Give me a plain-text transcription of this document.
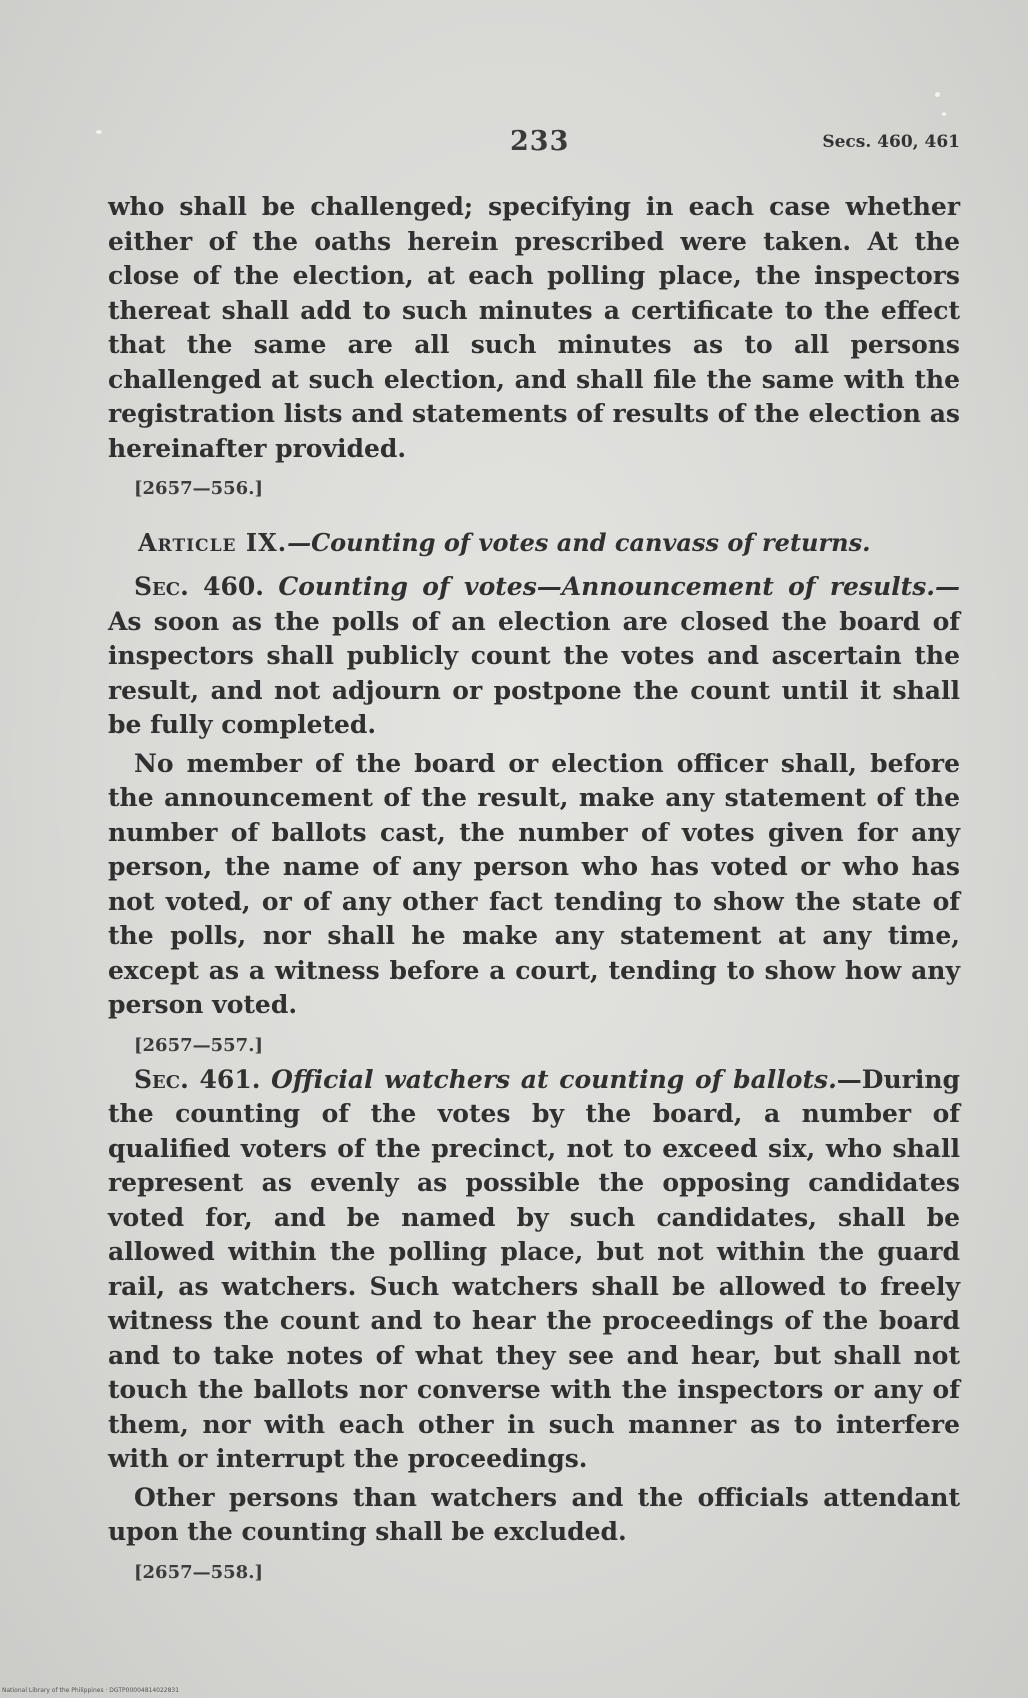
233	Secs. 460, 461

who shall be challenged; specifying in each case whether either of the oaths herein prescribed were taken. At the close of the election, at each polling place, the inspectors thereat shall add to such minutes a certificate to the effect that the same are all such minutes as to all persons challenged at such election, and shall file the same with the registration lists and statements of results of the election as hereinafter provided.

[2657—556.]
Article IX.—Counting of votes and canvass of returns.

Sec. 460. Counting of votes—Announcement of results.— As soon as the polls of an election are closed the board of inspectors shall publicly count the votes and ascertain the result, and not adjourn or postpone the count until it shall be fully completed.

No member of the board or election officer shall, before the announcement of the result, make any statement of the number of ballots cast, the number of votes given for any person, the name of any person who has voted or who has not voted, or of any other fact tending to show the state of the polls, nor shall he make any statement at any time, except as a witness before a court, tending to show how any person voted.

[2657—557.]

Sec. 461. Official watchers at counting of ballots.—During the counting of the votes by the board, a number of qualified voters of the precinct, not to exceed six, who shall represent as evenly as possible the opposing candidates voted for, and be named by such candidates, shall be allowed within the polling place, but not within the guard rail, as watchers. Such watchers shall be allowed to freely witness the count and to hear the proceedings of the board and to take notes of what they see and hear, but shall not touch the ballots nor converse with the inspectors or any of them, nor with each other in such manner as to interfere with or interrupt the proceedings.

Other persons than watchers and the officials attendant upon the counting shall be excluded.

[2657—558.]
National Library of the Philippines · DGTP00004814022831
